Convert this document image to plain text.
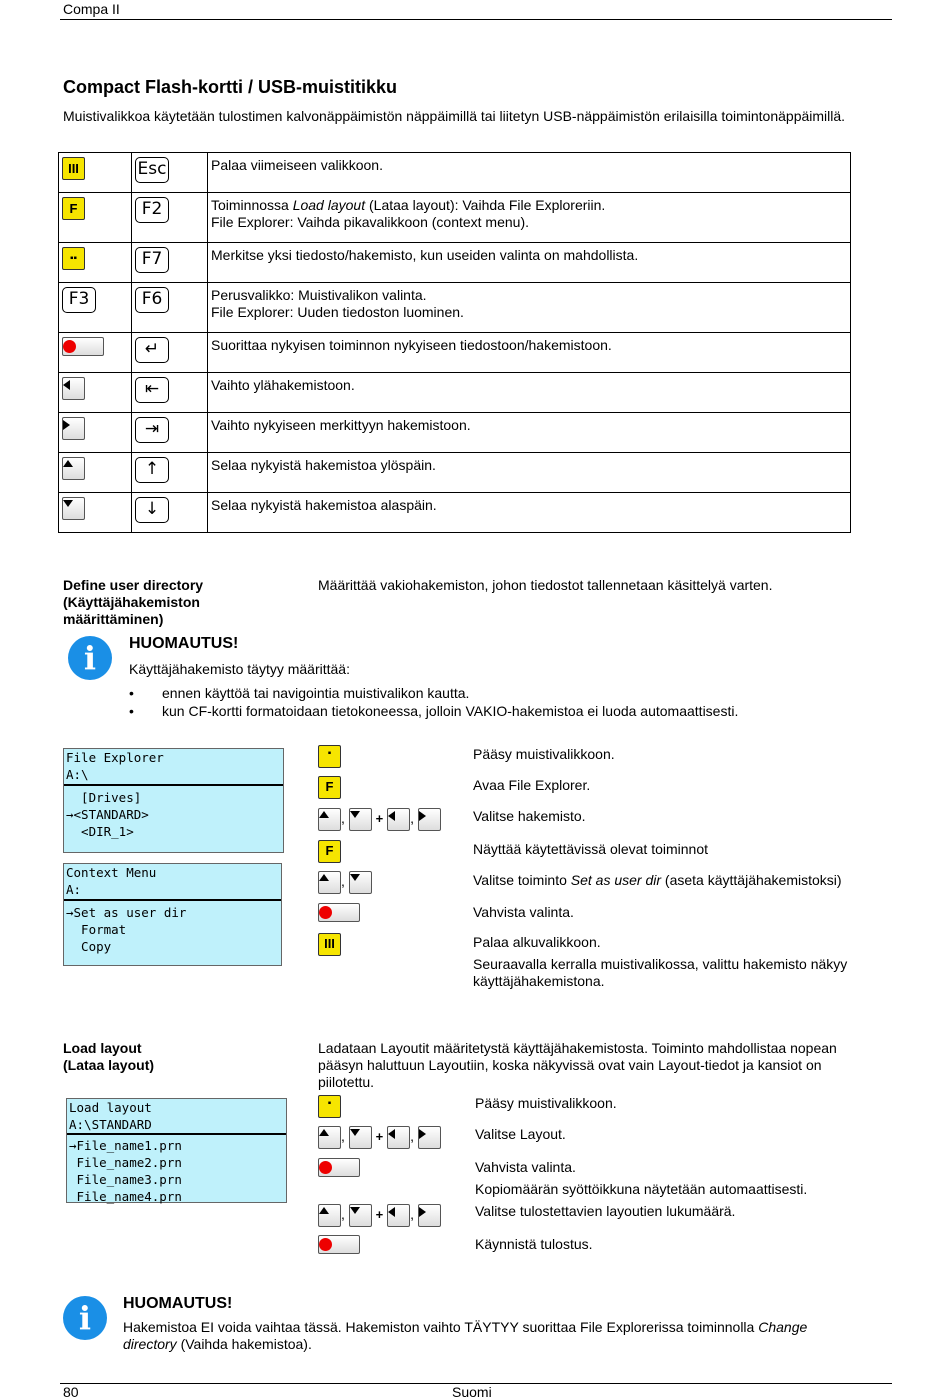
Compa II
80	Suomi
Compact Flash-kortti / USB-muistitikku
Muistivalikkoa käytetään tulostimen kalvonäppäimistön näppäimillä tai liitetyn USB-näppäimistön erilaisilla toimintonäppäimillä.
III	Esc	Palaa viimeiseen valikkoon.

F	F2	Toiminnossa Load layout (Lataa layout): Vaihda File Exploreriin.
File Explorer: Vaihda pikavalikkoon (context menu).

▪▪	F7	Merkitse yksi tiedosto/hakemisto, kun useiden valinta on mahdollista.

F3	F6	Perusvalikko: Muistivalikon valinta.
File Explorer: Uuden tiedoston luominen.

	↵	Suorittaa nykyisen toiminnon nykyiseen tiedostoon/hakemistoon.

	⇤	Vaihto ylähakemistoon.

	⇥	Vaihto nykyiseen merkittyyn hakemistoon.

	↑	Selaa nykyistä hakemistoa ylöspäin.

	↓	Selaa nykyistä hakemistoa alaspäin.
Define user directory
(Käyttäjähakemiston
määrittäminen)
Määrittää vakiohakemiston, johon tiedostot tallennetaan käsittelyä varten.
i	HUOMAUTUS!
Käyttäjähakemisto täytyy määrittää:
• ennen käyttöä tai navigointia muistivalikon kautta.
• kun CF-kortti formatoidaan tietokoneessa, jolloin VAKIO-hakemistoa ei luoda automaattisesti.
File Explorer
A:\
[Drives]
→<STANDARD>
<DIR_1>
Context Menu
A:
→Set as user dir
Format
Copy
▪
F
, + ,
F
,
III
Pääsy muistivalikkoon.
Avaa File Explorer.
Valitse hakemisto.
Näyttää käytettävissä olevat toiminnot
Valitse toiminto Set as user dir (aseta käyttäjähakemistoksi)
Vahvista valinta.
Palaa alkuvalikkoon.
Seuraavalla kerralla muistivalikossa, valittu hakemisto näkyy
käyttäjähakemistona.
Load layout
(Lataa layout)
Ladataan Layoutit määritetystä käyttäjähakemistosta. Toiminto mahdollistaa nopean
pääsyn haluttuun Layoutiin, koska näkyvissä ovat vain Layout-tiedot ja kansiot on
piilotettu.
Load layout
A:\STANDARD
→File_name1.prn
File_name2.prn
File_name3.prn
File_name4.prn
▪
, + ,
, + ,
Pääsy muistivalikkoon.
Valitse Layout.
Vahvista valinta.
Kopiomäärän syöttöikkuna näytetään automaattisesti.
Valitse tulostettavien layoutien lukumäärä.
Käynnistä tulostus.
i	HUOMAUTUS!
Hakemistoa EI voida vaihtaa tässä. Hakemiston vaihto TÄYTYY suorittaa File Explorerissa toiminnolla Change
directory (Vaihda hakemistoa).
